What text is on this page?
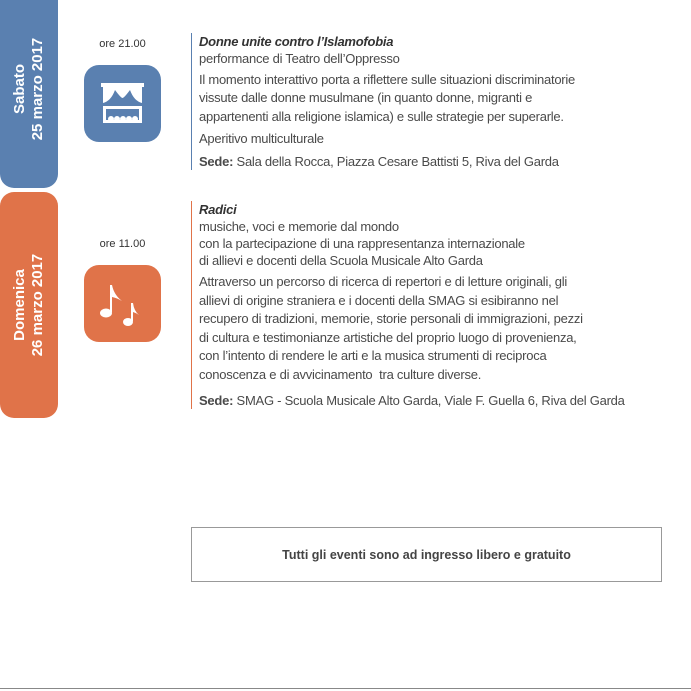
Sabato 25 marzo 2017	ore 21.00	Donne unite contro l’Islamofobia
performance di Teatro dell’Oppresso
Il momento interattivo porta a riflettere sulle situazioni discriminatorie
vissute dalle donne musulmane (in quanto donne, migranti e
appartenenti alla religione islamica) e sulle strategie per superarle.
Aperitivo multiculturale
Sede: Sala della Rocca, Piazza Cesare Battisti 5, Riva del Garda
Domenica 26 marzo 2017
ore 11.00
Radici
musiche, voci e memorie dal mondo
con la partecipazione di una rappresentanza internazionale
di allievi e docenti della Scuola Musicale Alto Garda
Attraverso un percorso di ricerca di repertori e di letture originali, gli
allievi di origine straniera e i docenti della SMAG si esibiranno nel
recupero di tradizioni, memorie, storie personali di immigrazioni, pezzi
di cultura e testimonianze artistiche del proprio luogo di provenienza,
con l’intento di rendere le arti e la musica strumenti di reciproca
conoscenza e di avvicinamento  tra culture diverse.
Sede: SMAG - Scuola Musicale Alto Garda, Viale F. Guella 6, Riva del Garda
Tutti gli eventi sono ad ingresso libero e gratuito
